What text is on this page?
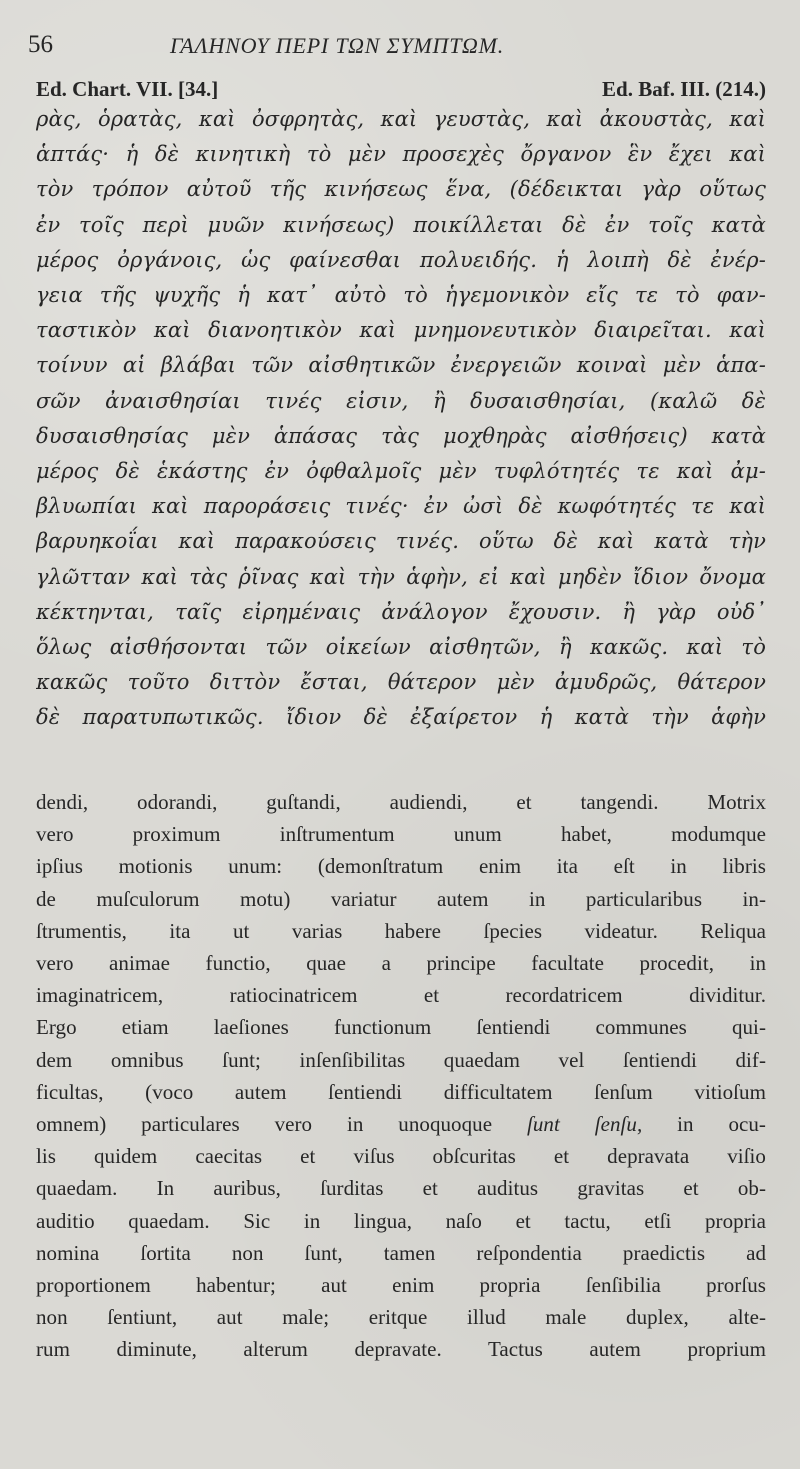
56	ΓΑΛΗΝΟΥ ΠΕΡΙ ΤΩΝ ΣΥΜΠΤΩΜ.
Ed. Chart. VII. [34.]	Ed. Baf. III. (214.)
ρὰς, ὁρατὰς, καὶ ὀσφρητὰς, καὶ γευστὰς, καὶ ἀκουστὰς, καὶ
ἁπτάς· ἡ δὲ κινητικὴ τὸ μὲν προσεχὲς ὄργανον ἓν ἔχει καὶ
τὸν τρόπον αὐτοῦ τῆς κινήσεως ἕνα, (δέδεικται γὰρ οὕτως
ἐν τοῖς περὶ μυῶν κινήσεως) ποικίλλεται δὲ ἐν τοῖς κατὰ
μέρος ὀργάνοις, ὡς φαίνεσθαι πολυειδής. ἡ λοιπὴ δὲ ἐνέρ-
γεια τῆς ψυχῆς ἡ κατ᾽ αὐτὸ τὸ ἡγεμονικὸν εἴς τε τὸ φαν-
ταστικὸν καὶ διανοητικὸν καὶ μνημονευτικὸν διαιρεῖται. καὶ
τοίνυν αἱ βλάβαι τῶν αἰσθητικῶν ἐνεργειῶν κοιναὶ μὲν ἁπα-
σῶν ἀναισθησίαι τινές εἰσιν, ἢ δυσαισθησίαι, (καλῶ δὲ
δυσαισθησίας μὲν ἁπάσας τὰς μοχθηρὰς αἰσθήσεις) κατὰ
μέρος δὲ ἑκάστης ἐν ὀφθαλμοῖς μὲν τυφλότητές τε καὶ ἀμ-
βλυωπίαι καὶ παροράσεις τινές· ἐν ὠσὶ δὲ κωφότητές τε καὶ
βαρυηκοΐαι καὶ παρακούσεις τινές. οὕτω δὲ καὶ κατὰ τὴν
γλῶτταν καὶ τὰς ῥῖνας καὶ τὴν ἁφὴν, εἰ καὶ μηδὲν ἴδιον ὄνομα
κέκτηνται, ταῖς εἰρημέναις ἀνάλογον ἔχουσιν. ἢ γὰρ οὐδ᾽
ὅλως αἰσθήσονται τῶν οἰκείων αἰσθητῶν, ἢ κακῶς. καὶ τὸ
κακῶς τοῦτο διττὸν ἔσται, θάτερον μὲν ἀμυδρῶς, θάτερον
δὲ παρατυπωτικῶς. ἴδιον δὲ ἐξαίρετον ἡ κατὰ τὴν ἁφὴν
dendi, odorandi, guſtandi, audiendi, et tangendi. Motrix
vero proximum inſtrumentum unum habet, modumque
ipſius motionis unum: (demonſtratum enim ita eſt in libris
de muſculorum motu) variatur autem in particularibus in-
ſtrumentis, ita ut varias habere ſpecies videatur. Reliqua
vero animae functio, quae a principe facultate procedit, in
imaginatricem, ratiocinatricem et recordatricem dividitur.
Ergo etiam laeſiones functionum ſentiendi communes qui-
dem omnibus ſunt; inſenſibilitas quaedam vel ſentiendi dif-
ficultas, (voco autem ſentiendi difficultatem ſenſum vitioſum
omnem) particulares vero in unoquoque ſunt ſenſu, in ocu-
lis quidem caecitas et viſus obſcuritas et depravata viſio
quaedam. In auribus, ſurditas et auditus gravitas et ob-
auditio quaedam. Sic in lingua, naſo et tactu, etſi propria
nomina ſortita non ſunt, tamen reſpondentia praedictis ad
proportionem habentur; aut enim propria ſenſibilia prorſus
non ſentiunt, aut male; eritque illud male duplex, alte-
rum diminute, alterum depravate. Tactus autem proprium
